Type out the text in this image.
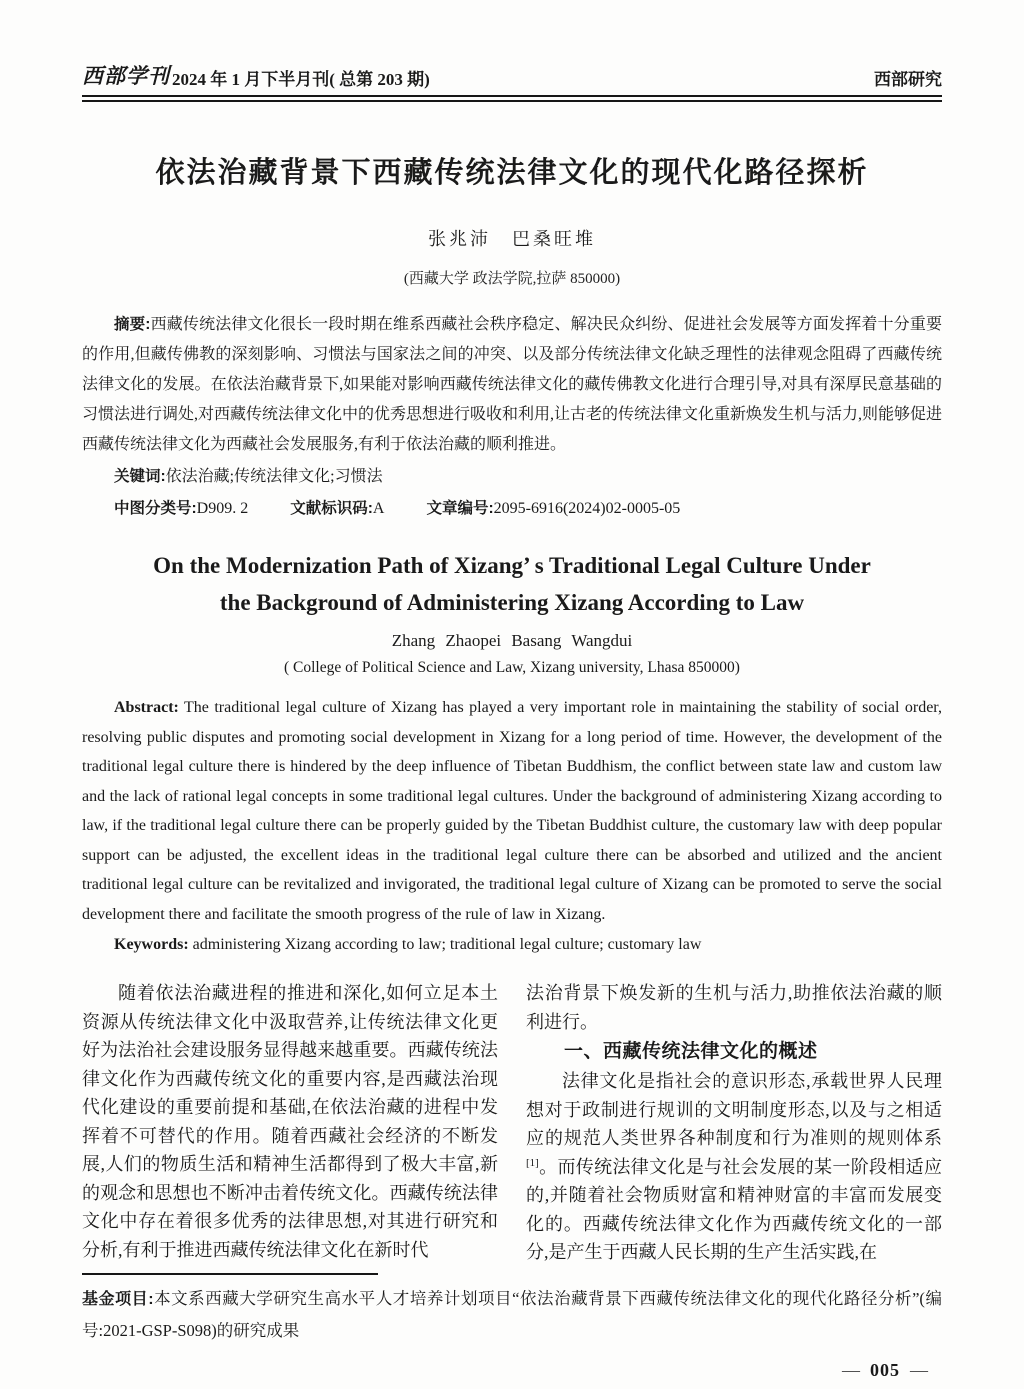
西部学刊 2024 年 1 月下半月刊( 总第 203 期)	西部研究
依法治藏背景下西藏传统法律文化的现代化路径探析
张兆沛　巴桑旺堆
(西藏大学 政法学院,拉萨 850000)

摘要:西藏传统法律文化很长一段时期在维系西藏社会秩序稳定、解决民众纠纷、促进社会发展等方面发挥着十分重要的作用,但藏传佛教的深刻影响、习惯法与国家法之间的冲突、以及部分传统法律文化缺乏理性的法律观念阻碍了西藏传统法律文化的发展。在依法治藏背景下,如果能对影响西藏传统法律文化的藏传佛教文化进行合理引导,对具有深厚民意基础的习惯法进行调处,对西藏传统法律文化中的优秀思想进行吸收和利用,让古老的传统法律文化重新焕发生机与活力,则能够促进西藏传统法律文化为西藏社会发展服务,有利于依法治藏的顺利推进。

关键词:依法治藏;传统法律文化;习惯法

中图分类号:D909. 2	文献标识码:A	文章编号:2095-6916(2024)02-0005-05

On the Modernization Path of Xizang’ s Traditional Legal Culture Under
the Background of Administering Xizang According to Law
Zhang Zhaopei Basang Wangdui
( College of Political Science and Law, Xizang university, Lhasa 850000)

Abstract: The traditional legal culture of Xizang has played a very important role in maintaining the stability of social order, resolving public disputes and promoting social development in Xizang for a long period of time. However, the development of the traditional legal culture there is hindered by the deep influence of Tibetan Buddhism, the conflict between state law and custom law and the lack of rational legal concepts in some traditional legal cultures. Under the background of administering Xizang according to law, if the traditional legal culture there can be properly guided by the Tibetan Buddhist culture, the customary law with deep popular support can be adjusted, the excellent ideas in the traditional legal culture there can be absorbed and utilized and the ancient traditional legal culture can be revitalized and invigorated, the traditional legal culture of Xizang can be promoted to serve the social development there and facilitate the smooth progress of the rule of law in Xizang.

Keywords: administering Xizang according to law; traditional legal culture; customary law

随着依法治藏进程的推进和深化,如何立足本土资源从传统法律文化中汲取营养,让传统法律文化更好为法治社会建设服务显得越来越重要。西藏传统法律文化作为西藏传统文化的重要内容,是西藏法治现代化建设的重要前提和基础,在依法治藏的进程中发挥着不可替代的作用。随着西藏社会经济的不断发展,人们的物质生活和精神生活都得到了极大丰富,新的观念和思想也不断冲击着传统文化。西藏传统法律文化中存在着很多优秀的法律思想,对其进行研究和分析,有利于推进西藏传统法律文化在新时代

法治背景下焕发新的生机与活力,助推依法治藏的顺利进行。

一、西藏传统法律文化的概述

法律文化是指社会的意识形态,承载世界人民理想对于政制进行规训的文明制度形态,以及与之相适应的规范人类世界各种制度和行为准则的规则体系[1]。而传统法律文化是与社会发展的某一阶段相适应的,并随着社会物质财富和精神财富的丰富而发展变化的。西藏传统法律文化作为西藏传统文化的一部分,是产生于西藏人民长期的生产生活实践,在

基金项目:本文系西藏大学研究生高水平人才培养计划项目“依法治藏背景下西藏传统法律文化的现代化路径分析”(编号:2021-GSP-S098)的研究成果

— 005 —
